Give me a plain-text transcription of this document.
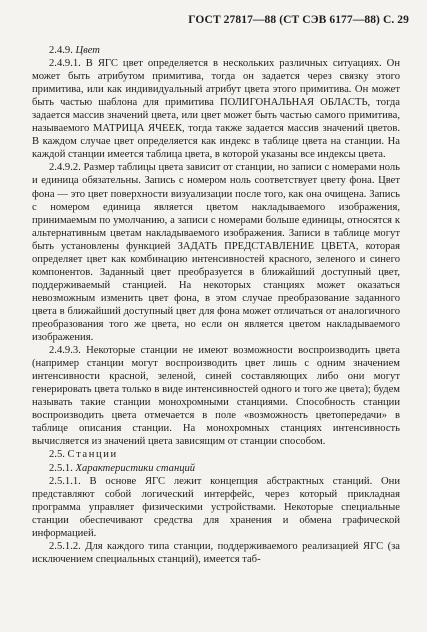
ГОСТ 27817—88 (СТ СЭВ 6177—88) С. 29

2.4.9. Цвет

2.4.9.1. В ЯГС цвет определяется в нескольких различных ситуациях. Он может быть атрибутом примитива, тогда он задается через связку этого примитива, или как индивидуальный атрибут цвета этого примитива. Он может быть частью шаблона для примитива ПОЛИГОНАЛЬНАЯ ОБЛАСТЬ, тогда задается массив значений цвета, или цвет может быть частью самого примитива, называемого МАТРИЦА ЯЧЕЕК, тогда также задается массив значений цветов. В каждом случае цвет определяется как индекс в таблице цвета на станции. На каждой станции имеется таблица цвета, в которой указаны все индексы цвета.

2.4.9.2. Размер таблицы цвета зависит от станции, но записи с номерами ноль и единица обязательны. Запись с номером ноль соответствует цвету фона. Цвет фона — это цвет поверхности визуализации после того, как она очищена. Запись с номером единица является цветом накладываемого изображения, принимаемым по умолчанию, а записи с номерами больше единицы, относятся к альтернативным цветам накладываемого изображения. Записи в таблице могут быть установлены функцией ЗАДАТЬ ПРЕДСТАВЛЕНИЕ ЦВЕТА, которая определяет цвет как комбинацию интенсивностей красного, зеленого и синего компонентов. Заданный цвет преобразуется в ближайший доступный цвет, поддерживаемый станцией. На некоторых станциях может оказаться невозможным изменить цвет фона, в этом случае преобразование заданного цвета в ближайший доступный цвет для фона может отличаться от аналогичного преобразования того же цвета, но если он является цветом накладываемого изображения.

2.4.9.3. Некоторые станции не имеют возможности воспроизводить цвета (например станции могут воспроизводить цвет лишь с одним значением интенсивности красной, зеленой, синей составляющих либо они могут генерировать цвета только в виде интенсивностей одного и того же цвета); будем называть такие станции монохромными станциями. Способность станции воспроизводить цвета отмечается в поле «возможность цветопередачи» в таблице описания станции. На монохромных станциях интенсивность вычисляется из значений цвета зависящим от станции способом.

2.5. Станции

2.5.1. Характеристики станций

2.5.1.1. В основе ЯГС лежит концепция абстрактных станций. Они представляют собой логический интерфейс, через который прикладная программа управляет физическими устройствами. Некоторые специальные станции обеспечивают средства для хранения и обмена графической информацией.

2.5.1.2. Для каждого типа станции, поддерживаемого реализацией ЯГС (за исключением специальных станций), имеется таб-
